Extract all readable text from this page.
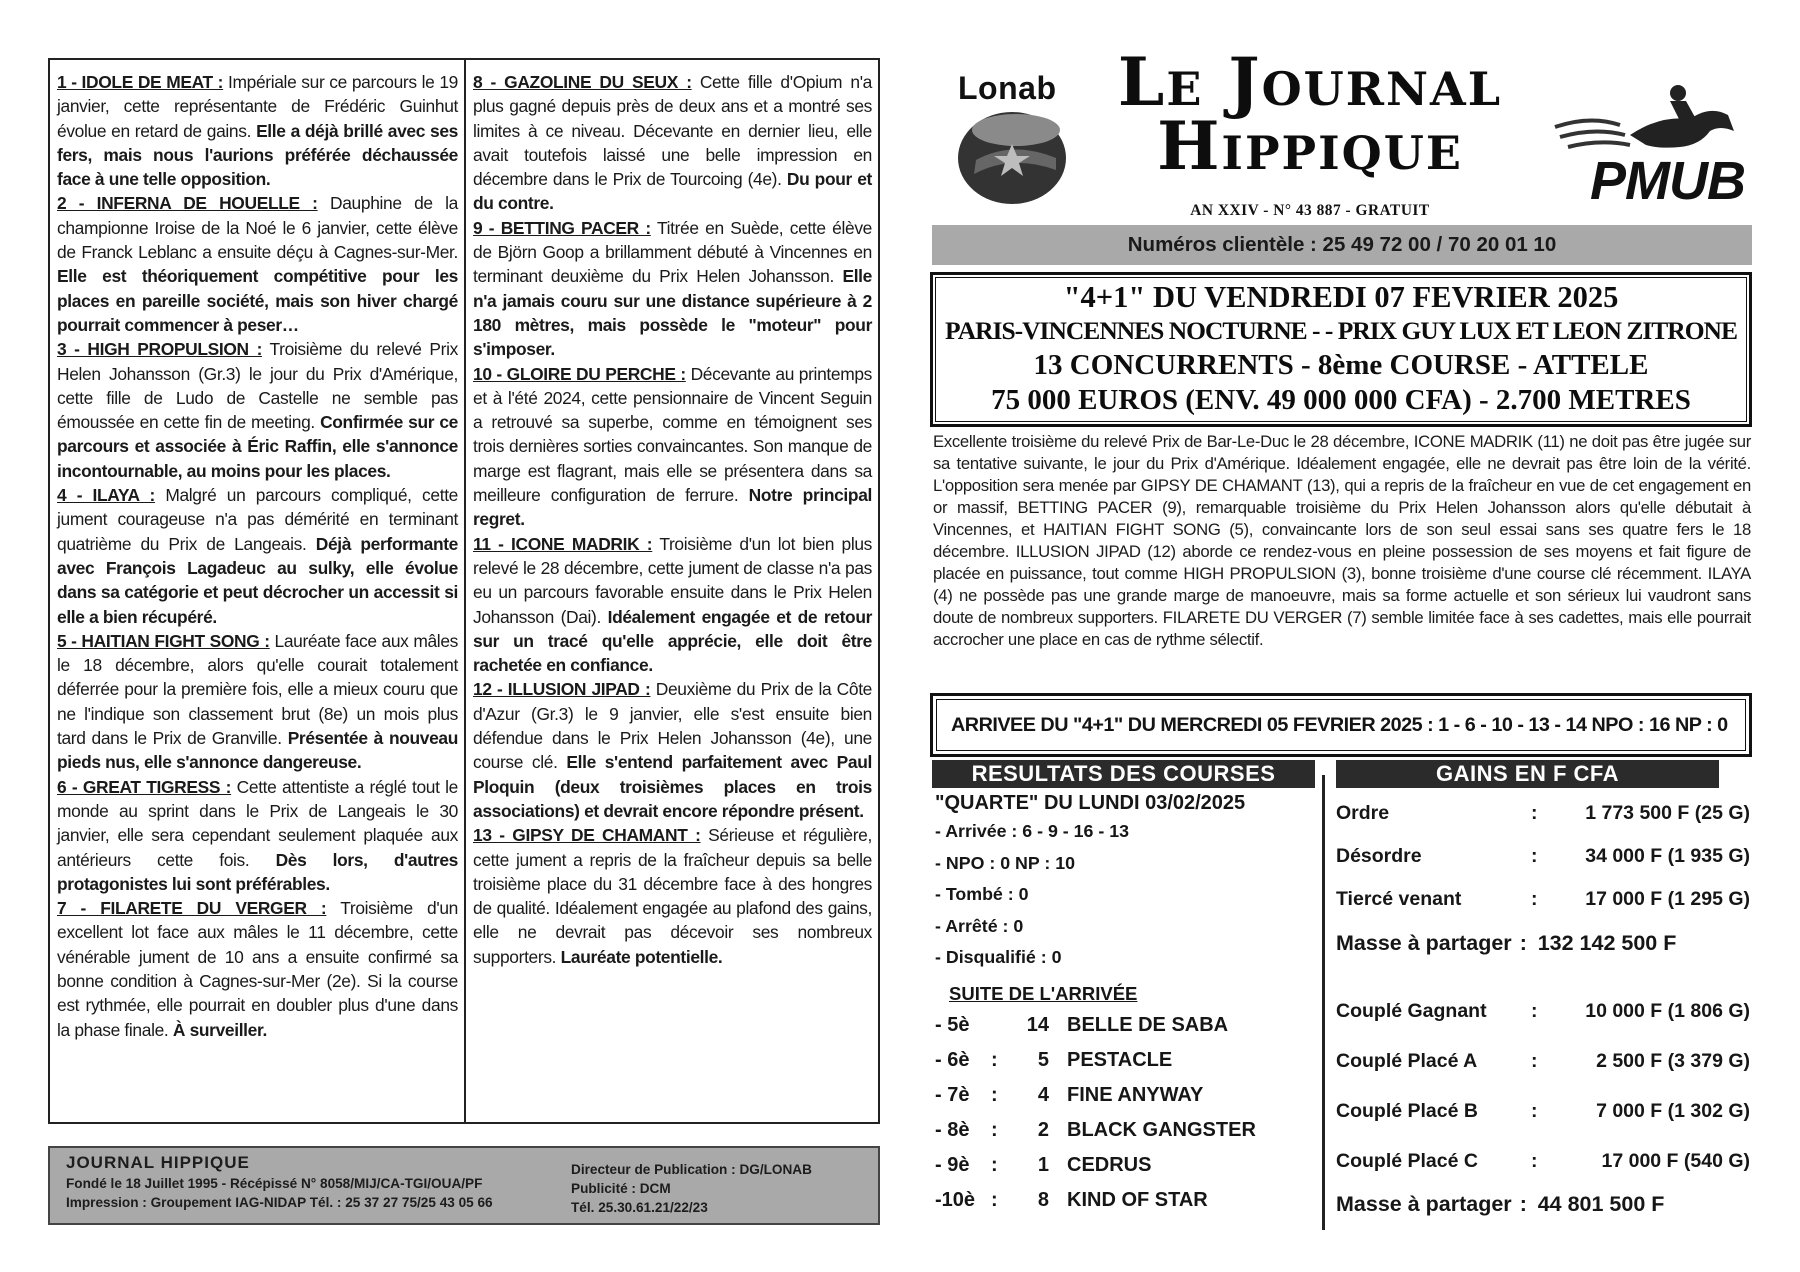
1 - IDOLE DE MEAT : Impériale sur ce parcours le 19 janvier, cette représentante de Frédéric Guinhut évolue en retard de gains. Elle a déjà brillé avec ses fers, mais nous l'aurions préférée déchaussée face à une telle opposition.

2 - INFERNA DE HOUELLE : Dauphine de la championne Iroise de la Noé le 6 janvier, cette élève de Franck Leblanc a ensuite déçu à Cagnes-sur-Mer. Elle est théoriquement compétitive pour les places en pareille société, mais son hiver chargé pourrait commencer à peser…

3 - HIGH PROPULSION : Troisième du relevé Prix Helen Johansson (Gr.3) le jour du Prix d'Amérique, cette fille de Ludo de Castelle ne semble pas émoussée en cette fin de meeting. Confirmée sur ce parcours et associée à Éric Raffin, elle s'annonce incontournable, au moins pour les places.

4 - ILAYA : Malgré un parcours compliqué, cette jument courageuse n'a pas démérité en terminant quatrième du Prix de Langeais. Déjà performante avec François Lagadeuc au sulky, elle évolue dans sa catégorie et peut décrocher un accessit si elle a bien récupéré.

5 - HAITIAN FIGHT SONG : Lauréate face aux mâles le 18 décembre, alors qu'elle courait totalement déferrée pour la première fois, elle a mieux couru que ne l'indique son classement brut (8e) un mois plus tard dans le Prix de Granville. Présentée à nouveau pieds nus, elle s'annonce dangereuse.

6 - GREAT TIGRESS : Cette attentiste a réglé tout le monde au sprint dans le Prix de Langeais le 30 janvier, elle sera cependant seulement plaquée aux antérieurs cette fois. Dès lors, d'autres protagonistes lui sont préférables.

7 - FILARETE DU VERGER : Troisième d'un excellent lot face aux mâles le 11 décembre, cette vénérable jument de 10 ans a ensuite confirmé sa bonne condition à Cagnes-sur-Mer (2e). Si la course est rythmée, elle pourrait en doubler plus d'une dans la phase finale. À surveiller.

8 - GAZOLINE DU SEUX : Cette fille d'Opium n'a plus gagné depuis près de deux ans et a montré ses limites à ce niveau. Décevante en dernier lieu, elle avait toutefois laissé une belle impression en décembre dans le Prix de Tourcoing (4e). Du pour et du contre.

9 - BETTING PACER : Titrée en Suède, cette élève de Björn Goop a brillamment débuté à Vincennes en terminant deuxième du Prix Helen Johansson. Elle n'a jamais couru sur une distance supérieure à 2 180 mètres, mais possède le "moteur" pour s'imposer.

10 - GLOIRE DU PERCHE : Décevante au printemps et à l'été 2024, cette pensionnaire de Vincent Seguin a retrouvé sa superbe, comme en témoignent ses trois dernières sorties convaincantes. Son manque de marge est flagrant, mais elle se présentera dans sa meilleure configuration de ferrure. Notre principal regret.

11 - ICONE MADRIK : Troisième d'un lot bien plus relevé le 28 décembre, cette jument de classe n'a pas eu un parcours favorable ensuite dans le Prix Helen Johansson (Dai). Idéalement engagée et de retour sur un tracé qu'elle apprécie, elle doit être rachetée en confiance.

12 - ILLUSION JIPAD : Deuxième du Prix de la Côte d'Azur (Gr.3) le 9 janvier, elle s'est ensuite bien défendue dans le Prix Helen Johansson (4e), une course clé. Elle s'entend parfaitement avec Paul Ploquin (deux troisièmes places en trois associations) et devrait encore répondre présent.

13 - GIPSY DE CHAMANT : Sérieuse et régulière, cette jument a repris de la fraîcheur depuis sa belle troisième place du 31 décembre face à des hongres de qualité. Idéalement engagée au plafond des gains, elle ne devrait pas décevoir ses nombreux supporters. Lauréate potentielle.

JOURNAL HIPPIQUE
Fondé le 18 Juillet 1995 - Récépissé N° 8058/MIJ/CA-TGI/OUA/PF
Impression : Groupement IAG-NIDAP Tél. : 25 37 27 75/25 43 05 66
Directeur de Publication : DG/LONAB
Publicité : DCM
Tél. 25.30.61.21/22/23
Lonab Le Journal
Hippique
AN XXIV - N° 43 887 - GRATUIT	PMUB
Numéros clientèle : 25 49 72 00 / 70 20 01 10
"4+1" DU VENDREDI 07 FEVRIER 2025
PARIS-VINCENNES NOCTURNE - - PRIX GUY LUX ET LEON ZITRONE
13 CONCURRENTS - 8ème COURSE - ATTELE
75 000 EUROS (ENV. 49 000 000 CFA) - 2.700 METRES
Excellente troisième du relevé Prix de Bar-Le-Duc le 28 décembre, ICONE MADRIK (11) ne doit pas être jugée sur sa tentative suivante, le jour du Prix d'Amérique. Idéalement engagée, elle ne devrait pas être loin de la vérité. L'opposition sera menée par GIPSY DE CHAMANT (13), qui a repris de la fraîcheur en vue de cet engagement en or massif, BETTING PACER (9), remarquable troisième du Prix Helen Johansson alors qu'elle débutait à Vincennes, et HAITIAN FIGHT SONG (5), convaincante lors de son seul essai sans ses quatre fers le 18 décembre. ILLUSION JIPAD (12) aborde ce rendez-vous en pleine possession de ses moyens et fait figure de placée en puissance, tout comme HIGH PROPULSION (3), bonne troisième d'une course clé récemment. ILAYA (4) ne possède pas une grande marge de manoeuvre, mais sa forme actuelle et son sérieux lui vaudront sans doute de nombreux supporters. FILARETE DU VERGER (7) semble limitée face à ses cadettes, mais elle pourrait accrocher une place en cas de rythme sélectif.
ARRIVEE DU "4+1" DU MERCREDI 05 FEVRIER 2025 : 1 - 6 - 10 - 13 - 14 NPO : 16 NP : 0
RESULTATS DES COURSES	GAINS EN F CFA
"QUARTE" DU LUNDI 03/02/2025
- Arrivée : 6 - 9 - 16 - 13
- NPO : 0 NP : 10
- Tombé : 0
- Arrêté : 0
- Disqualifié : 0
SUITE DE L'ARRIVÉE
- 5è	14 BELLE DE SABA
- 6è	:	5 PESTACLE
- 7è	:	4 FINE ANYWAY
- 8è	:	2 BLACK GANGSTER
- 9è	:	1 CEDRUS
-10è :	8 KIND OF STAR
Ordre	:	1 773 500 F (25 G)
Désordre	:	34 000 F (1 935 G)
Tiercé venant	:	17 000 F (1 295 G)
Masse à partager : 132 142 500 F
Couplé Gagnant	:	10 000 F (1 806 G)
Couplé Placé A	:	2 500 F (3 379 G)
Couplé Placé B	:	7 000 F (1 302 G)
Couplé Placé C	:	17 000 F (540 G)
Masse à partager : 44 801 500 F
